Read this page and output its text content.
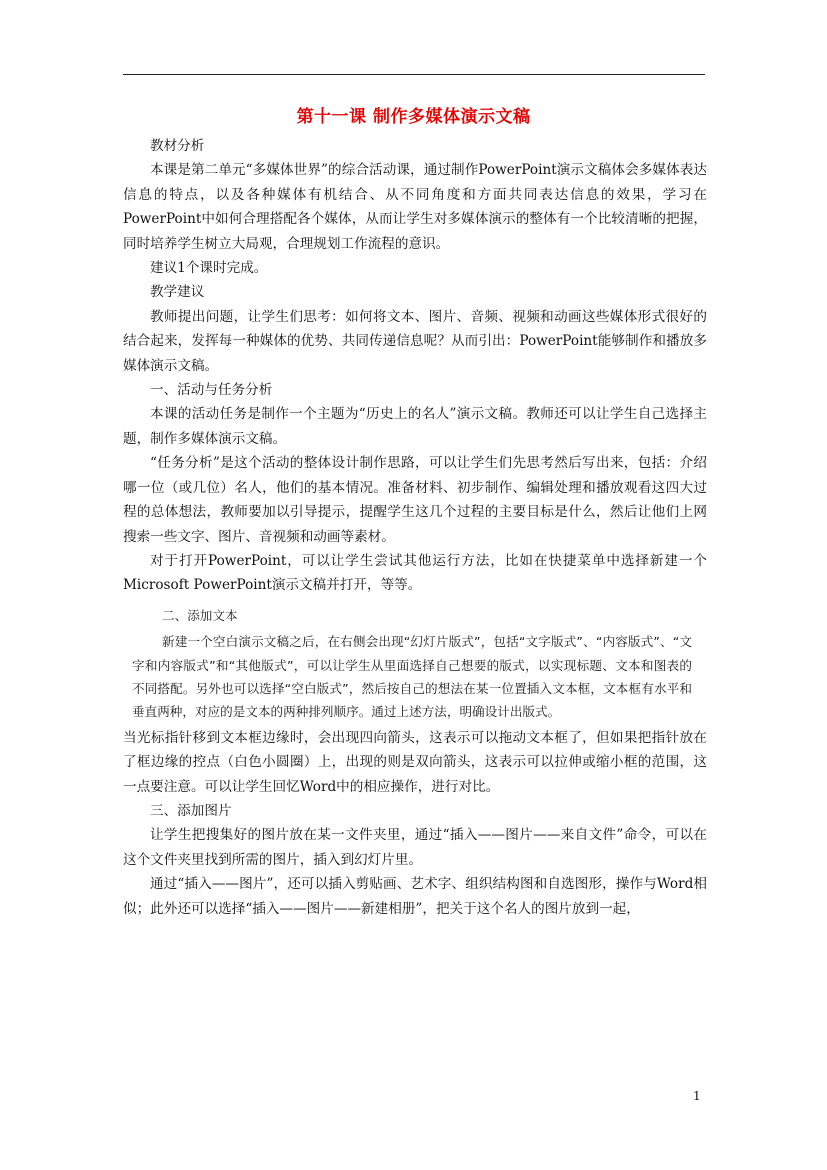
第十一课 制作多媒体演示文稿

教材分析

本课是第二单元“多媒体世界”的综合活动课，通过制作PowerPoint演示文稿体会多媒体表达信息的特点，以及各种媒体有机结合、从不同角度和方面共同表达信息的效果，学习在PowerPoint中如何合理搭配各个媒体，从而让学生对多媒体演示的整体有一个比较清晰的把握，同时培养学生树立大局观，合理规划工作流程的意识。

建议1个课时完成。

教学建议

教师提出问题，让学生们思考：如何将文本、图片、音频、视频和动画这些媒体形式很好的结合起来，发挥每一种媒体的优势、共同传递信息呢？从而引出：PowerPoint能够制作和播放多媒体演示文稿。

一、活动与任务分析

本课的活动任务是制作一个主题为“历史上的名人”演示文稿。教师还可以让学生自己选择主题，制作多媒体演示文稿。

“任务分析”是这个活动的整体设计制作思路，可以让学生们先思考然后写出来，包括：介绍哪一位（或几位）名人，他们的基本情况。准备材料、初步制作、编辑处理和播放观看这四大过程的总体想法，教师要加以引导提示，提醒学生这几个过程的主要目标是什么，然后让他们上网搜索一些文字、图片、音视频和动画等素材。

对于打开PowerPoint，可以让学生尝试其他运行方法，比如在快捷菜单中选择新建一个Microsoft PowerPoint演示文稿并打开，等等。

二、添加文本

新建一个空白演示文稿之后，在右侧会出现“幻灯片版式”，包括“文字版式”、“内容版式”、“文字和内容版式”和“其他版式”，可以让学生从里面选择自己想要的版式，以实现标题、文本和图表的不同搭配。另外也可以选择“空白版式”，然后按自己的想法在某一位置插入文本框，文本框有水平和垂直两种，对应的是文本的两种排列顺序。通过上述方法，明确设计出版式。

当光标指针移到文本框边缘时，会出现四向箭头，这表示可以拖动文本框了，但如果把指针放在了框边缘的控点（白色小圆圈）上，出现的则是双向箭头，这表示可以拉伸或缩小框的范围，这一点要注意。可以让学生回忆Word中的相应操作，进行对比。

三、添加图片

让学生把搜集好的图片放在某一文件夹里，通过“插入——图片——来自文件”命令，可以在这个文件夹里找到所需的图片，插入到幻灯片里。

通过“插入——图片”，还可以插入剪贴画、艺术字、组织结构图和自选图形，操作与Word相似；此外还可以选择“插入——图片——新建相册”，把关于这个名人的图片放到一起，

1
